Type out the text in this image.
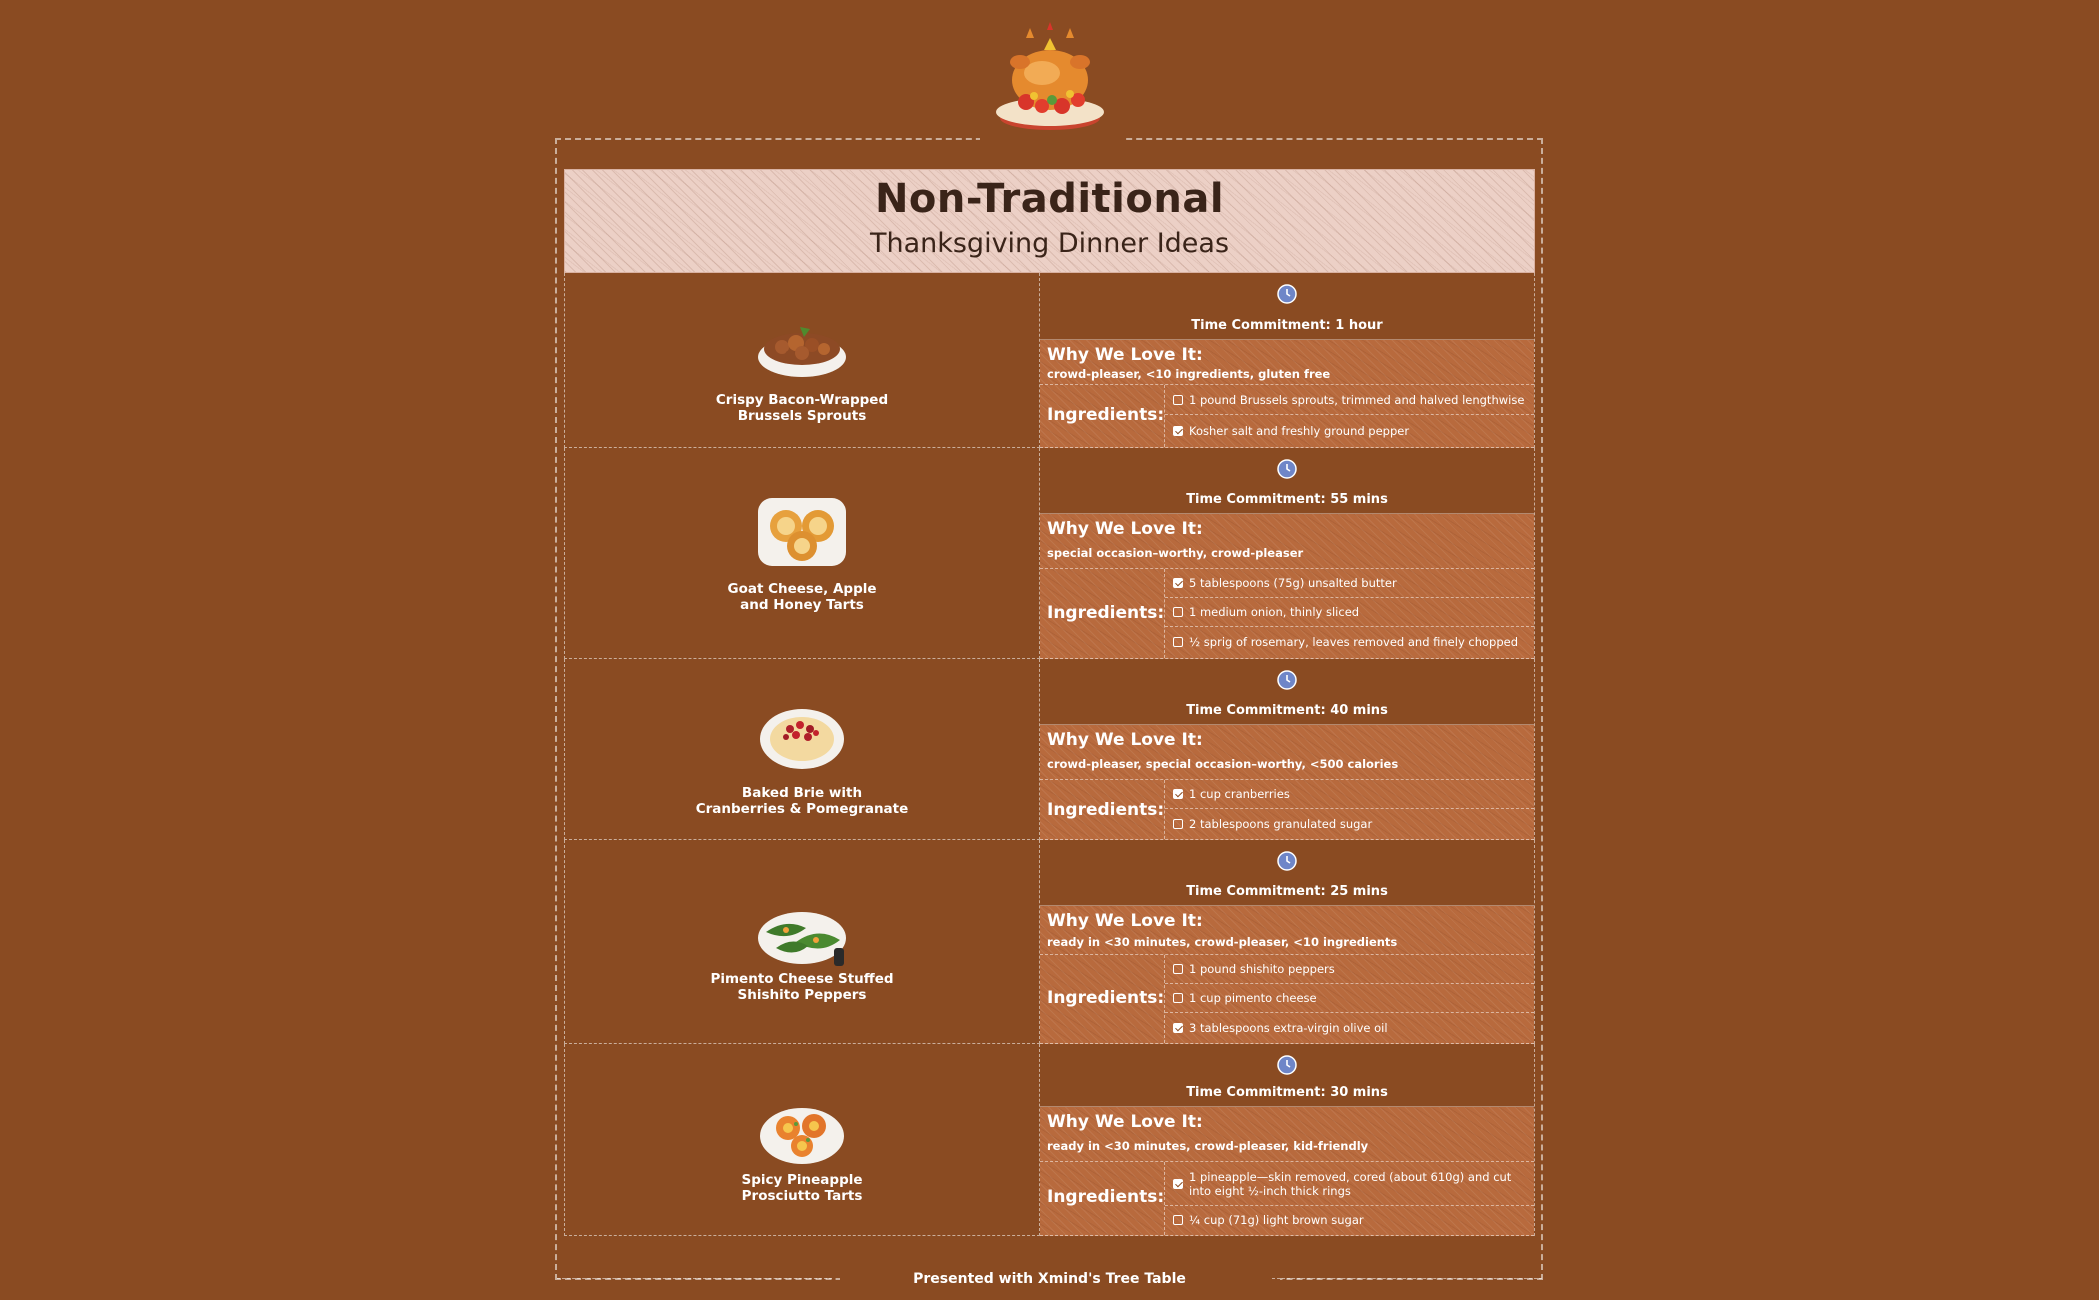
Non-Traditional
Thanksgiving Dinner Ideas
Crispy Bacon-Wrapped
Brussels Sprouts
Time Commitment: 1 hour
Why We Love It:
crowd-pleaser, <10 ingredients, gluten free
Ingredients:
1 pound Brussels sprouts, trimmed and halved lengthwise
Kosher salt and freshly ground pepper
Goat Cheese, Apple
and Honey Tarts
Time Commitment: 55 mins
Why We Love It:
special occasion–worthy, crowd-pleaser
Ingredients:
5 tablespoons (75g) unsalted butter
1 medium onion, thinly sliced
½ sprig of rosemary, leaves removed and finely chopped
Baked Brie with
Cranberries & Pomegranate
Time Commitment: 40 mins
Why We Love It:
crowd-pleaser, special occasion–worthy, <500 calories
Ingredients:
1 cup cranberries
2 tablespoons granulated sugar
Pimento Cheese Stuffed
Shishito Peppers
Time Commitment: 25 mins
Why We Love It:
ready in <30 minutes, crowd-pleaser, <10 ingredients
Ingredients:
1 pound shishito peppers
1 cup pimento cheese
3 tablespoons extra-virgin olive oil
Spicy Pineapple
Prosciutto Tarts
Time Commitment: 30 mins
Why We Love It:
ready in <30 minutes, crowd-pleaser, kid-friendly
Ingredients:
1 pineapple—skin removed, cored (about 610g) and cut into eight ½-inch thick rings
¼ cup (71g) light brown sugar
Presented with Xmind's Tree Table
